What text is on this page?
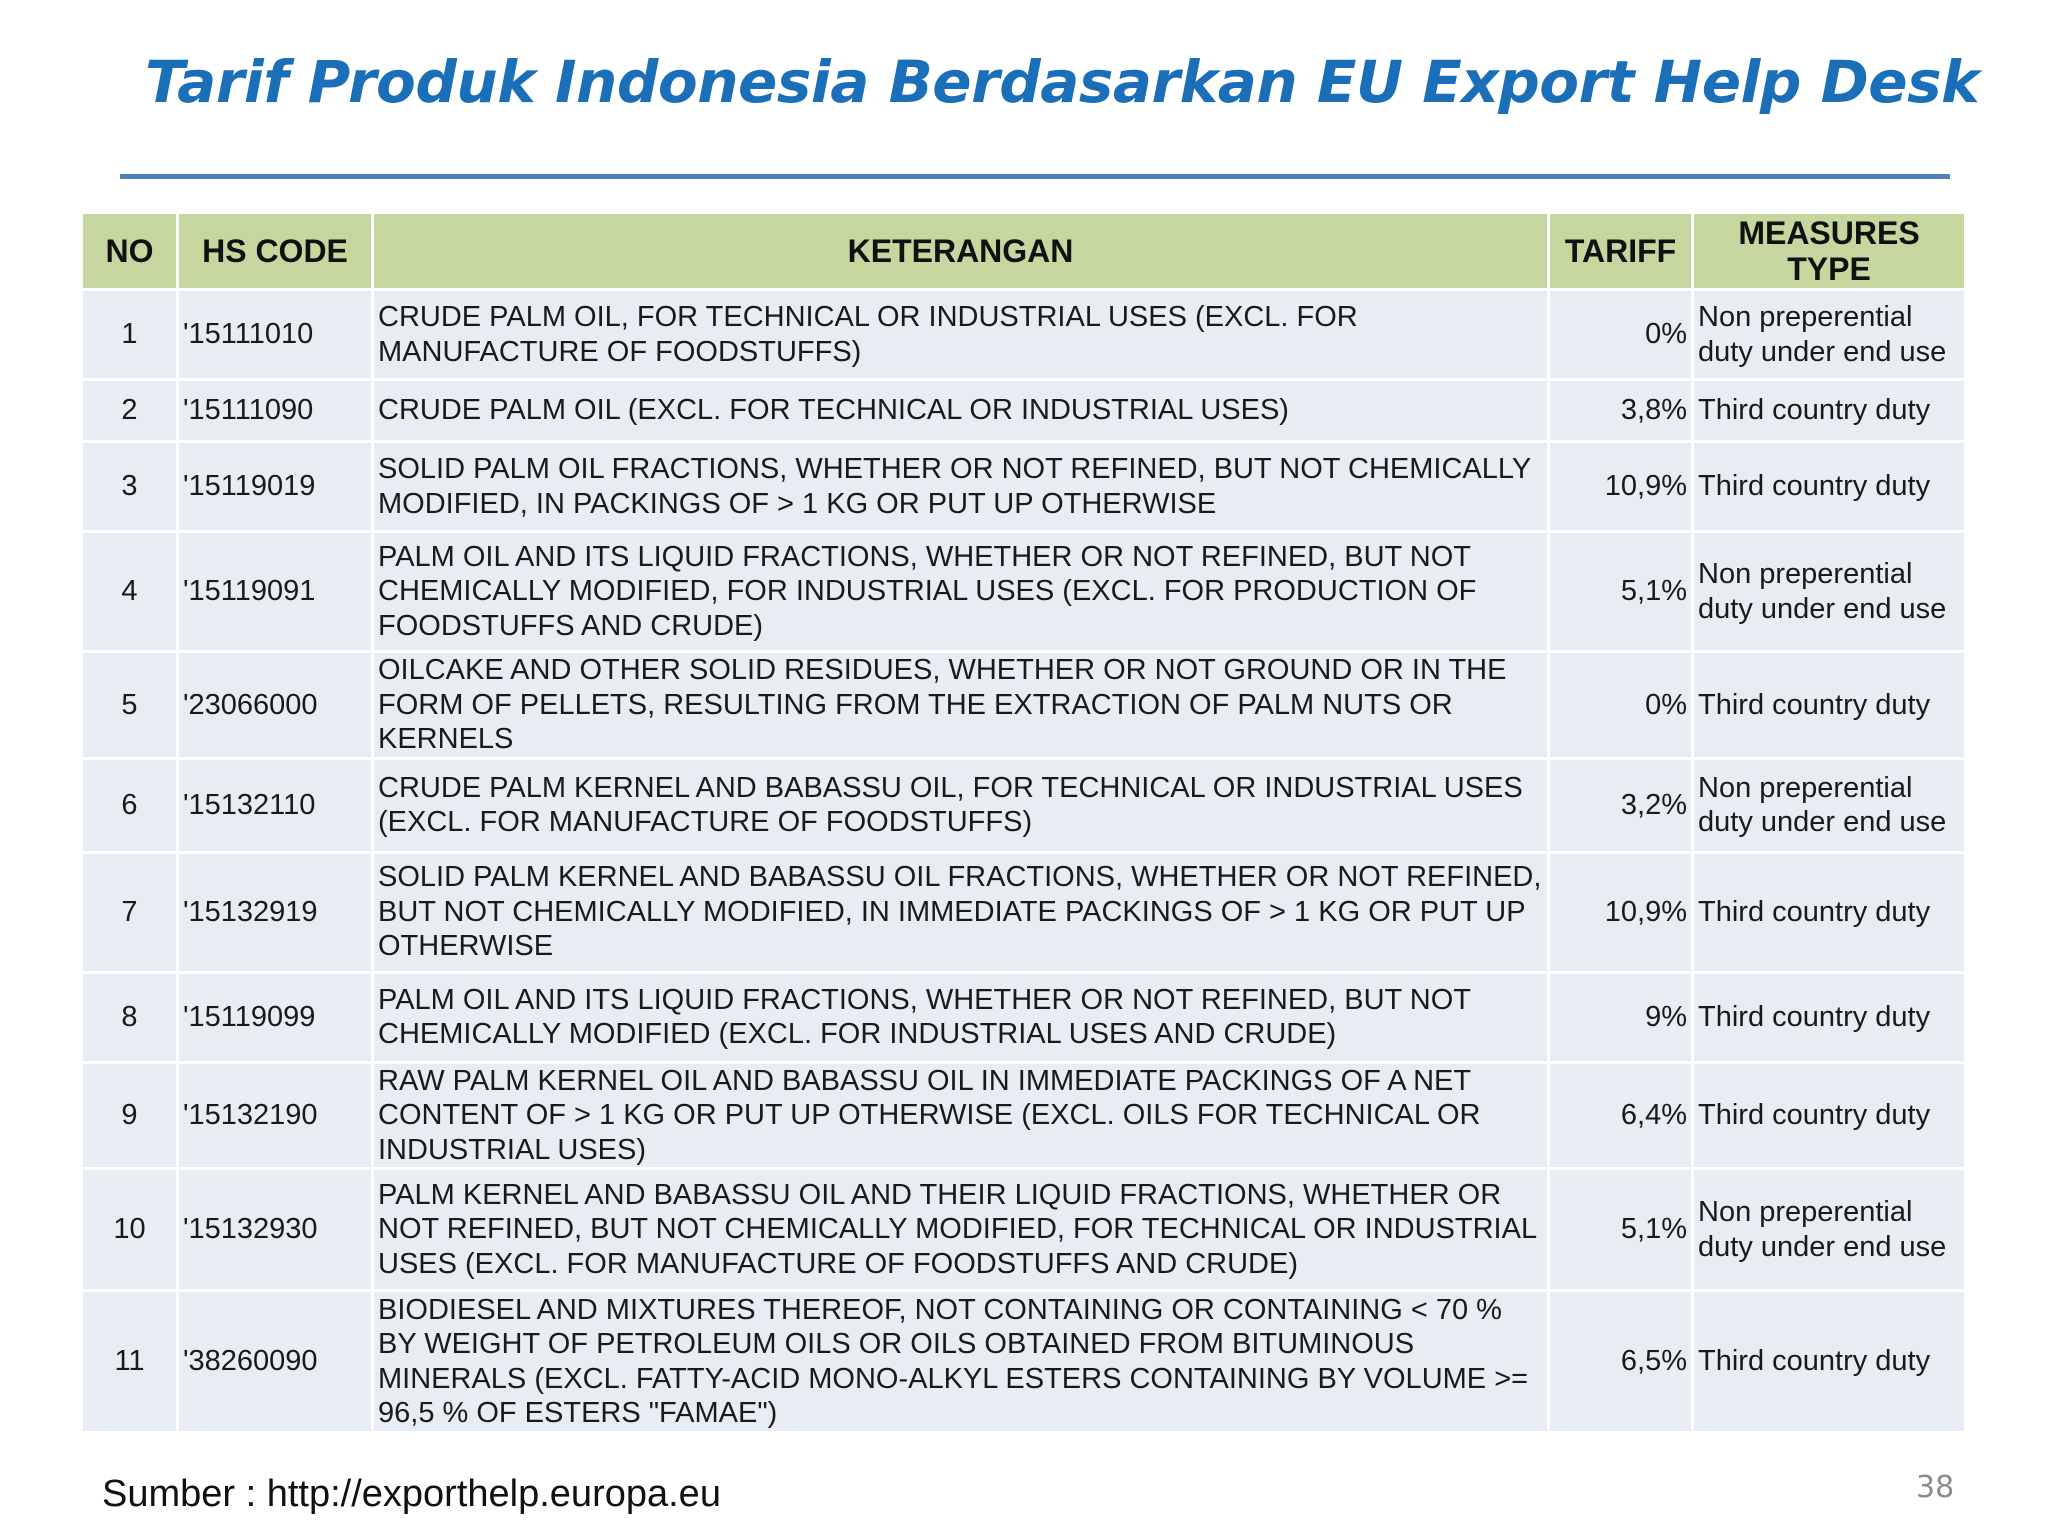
Tarif Produk Indonesia Berdasarkan EU Export Help Desk
NO	HS CODE	KETERANGAN	TARIFF	MEASURES TYPE
1	'15111010	CRUDE PALM OIL, FOR TECHNICAL OR INDUSTRIAL USES (EXCL. FOR MANUFACTURE OF FOODSTUFFS)	0%	Non preperential duty under end use
2	'15111090	CRUDE PALM OIL (EXCL. FOR TECHNICAL OR INDUSTRIAL USES)	3,8%	Third country duty
3	'15119019	SOLID PALM OIL FRACTIONS, WHETHER OR NOT REFINED, BUT NOT CHEMICALLY MODIFIED, IN PACKINGS OF > 1 KG OR PUT UP OTHERWISE	10,9%	Third country duty
4	'15119091	PALM OIL AND ITS LIQUID FRACTIONS, WHETHER OR NOT REFINED, BUT NOT CHEMICALLY MODIFIED, FOR INDUSTRIAL USES (EXCL. FOR PRODUCTION OF FOODSTUFFS AND CRUDE)	5,1%	Non preperential duty under end use
5	'23066000	OILCAKE AND OTHER SOLID RESIDUES, WHETHER OR NOT GROUND OR IN THE FORM OF PELLETS, RESULTING FROM THE EXTRACTION OF PALM NUTS OR KERNELS	0%	Third country duty
6	'15132110	CRUDE PALM KERNEL AND BABASSU OIL, FOR TECHNICAL OR INDUSTRIAL USES (EXCL. FOR MANUFACTURE OF FOODSTUFFS)	3,2%	Non preperential duty under end use
7	'15132919	SOLID PALM KERNEL AND BABASSU OIL FRACTIONS, WHETHER OR NOT REFINED, BUT NOT CHEMICALLY MODIFIED, IN IMMEDIATE PACKINGS OF > 1 KG OR PUT UP OTHERWISE	10,9%	Third country duty
8	'15119099	PALM OIL AND ITS LIQUID FRACTIONS, WHETHER OR NOT REFINED, BUT NOT CHEMICALLY MODIFIED (EXCL. FOR INDUSTRIAL USES AND CRUDE)	9%	Third country duty
9	'15132190	RAW PALM KERNEL OIL AND BABASSU OIL IN IMMEDIATE PACKINGS OF A NET CONTENT OF > 1 KG OR PUT UP OTHERWISE (EXCL. OILS FOR TECHNICAL OR INDUSTRIAL USES)	6,4%	Third country duty
10	'15132930	PALM KERNEL AND BABASSU OIL AND THEIR LIQUID FRACTIONS, WHETHER OR NOT REFINED, BUT NOT CHEMICALLY MODIFIED, FOR TECHNICAL OR INDUSTRIAL USES (EXCL. FOR MANUFACTURE OF FOODSTUFFS AND CRUDE)	5,1%	Non preperential duty under end use
11	'38260090	BIODIESEL AND MIXTURES THEREOF, NOT CONTAINING OR CONTAINING < 70 % BY WEIGHT OF PETROLEUM OILS OR OILS OBTAINED FROM BITUMINOUS MINERALS (EXCL. FATTY-ACID MONO-ALKYL ESTERS CONTAINING BY VOLUME >= 96,5 % OF ESTERS "FAMAE")	6,5%	Third country duty
Sumber : http://exporthelp.europa.eu	38
